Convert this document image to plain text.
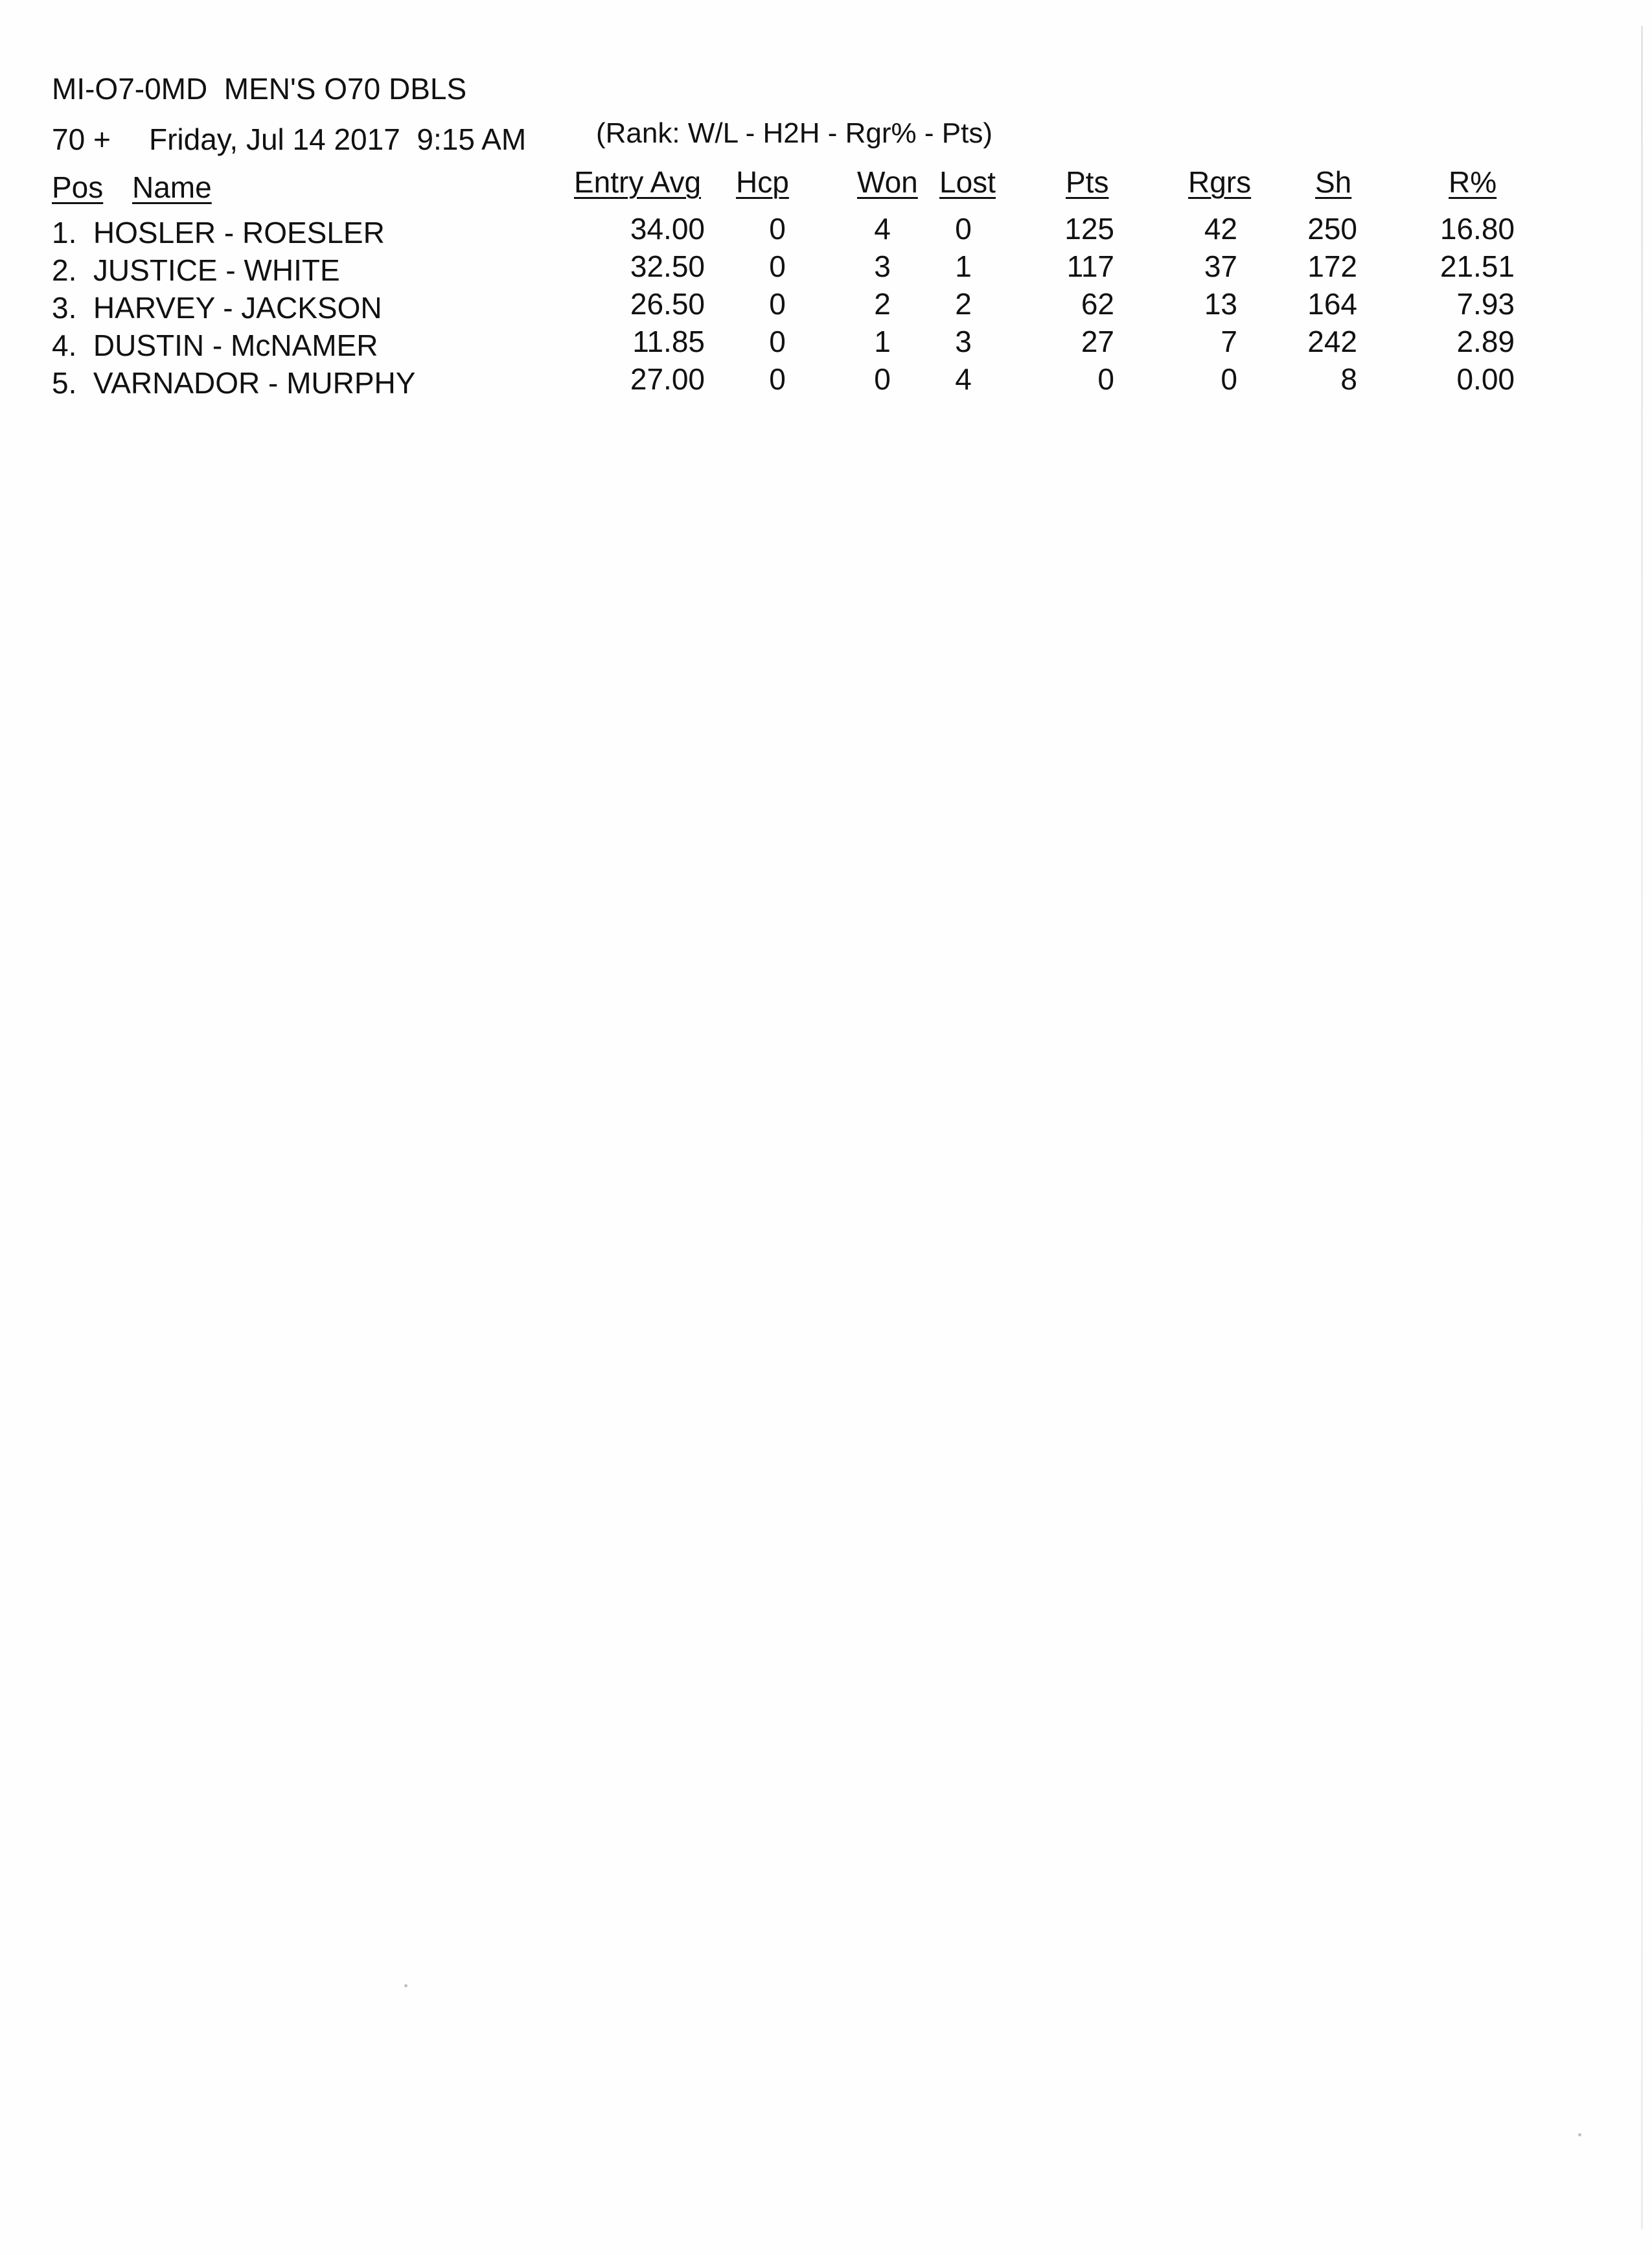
MI-O7-0MD  MEN'S O70 DBLS
70 + Friday, Jul 14 2017  9:15 AM (Rank: W/L - H2H - Rgr% - Pts)
Pos Name	Entry Avg Hcp Won Lost Pts	Rgrs Sh	R%
1.  HOSLER - ROESLER	34.00	0	4	0	125	42	250	16.80
2.  JUSTICE - WHITE	32.50	0	3	1	117	37	172	21.51
3.  HARVEY - JACKSON	26.50	0	2	2	62	13	164	7.93
4.  DUSTIN - McNAMER	11.85	0	1	3	27	7	242	2.89
5.  VARNADOR - MURPHY	27.00	0	0	4	0	0	8	0.00
